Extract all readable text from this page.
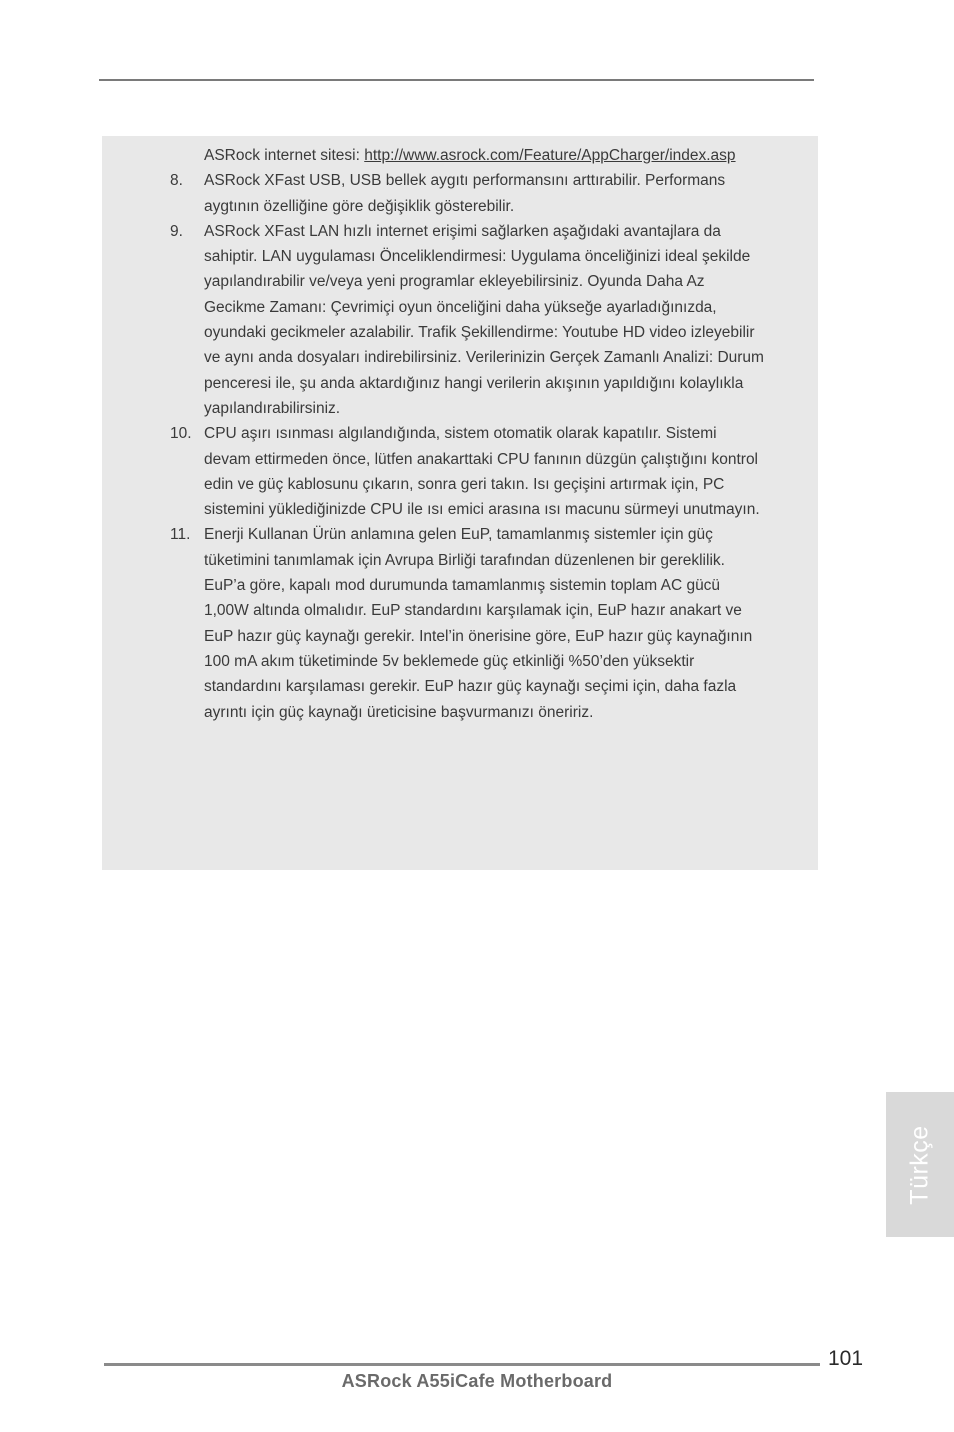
ASRock internet sitesi: http://www.asrock.com/Feature/AppCharger/index.asp
8. ASRock XFast USB, USB bellek aygıtı performansını arttırabilir. Performans aygtının özelliğine göre değişiklik gösterebilir.
9. ASRock XFast LAN hızlı internet erişimi sağlarken aşağıdaki avantajlara da sahiptir. LAN uygulaması Önceliklendirmesi: Uygulama önceliğinizi ideal şekilde yapılandırabilir ve/veya yeni programlar ekleyebilirsiniz. Oyunda Daha Az Gecikme Zamanı: Çevrimiçi oyun önceliğini daha yükseğe ayarladığınızda, oyundaki gecikmeler azalabilir. Trafik Şekillendirme: Youtube HD video izleyebilir ve aynı anda dosyaları indirebilirsiniz. Verilerinizin Gerçek Zamanlı Analizi: Durum penceresi ile, şu anda aktardığınız hangi verilerin akışının yapıldığını kolaylıkla yapılandırabilirsiniz.
10. CPU aşırı ısınması algılandığında, sistem otomatik olarak kapatılır. Sistemi devam ettirmeden önce, lütfen anakarttaki CPU fanının düzgün çalıştığını kontrol edin ve güç kablosunu çıkarın, sonra geri takın. Isı geçişini artırmak için, PC sistemini yüklediğinizde CPU ile ısı emici arasına ısı macunu sürmeyi unutmayın.
11. Enerji Kullanan Ürün anlamına gelen EuP, tamamlanmış sistemler için güç tüketimini tanımlamak için Avrupa Birliği tarafından düzenlenen bir gereklilik. EuP’a göre, kapalı mod durumunda tamamlanmış sistemin toplam AC gücü 1,00W altında olmalıdır. EuP standardını karşılamak için, EuP hazır anakart ve EuP hazır güç kaynağı gerekir. Intel’in önerisine göre, EuP hazır güç kaynağının 100 mA akım tüketiminde 5v beklemede güç etkinliği %50’den yüksektir standardını karşılaması gerekir. EuP hazır güç kaynağı seçimi için, daha fazla ayrıntı için güç kaynağı üreticisine başvurmanızı öneririz.
Türkçe
101
ASRock A55iCafe Motherboard
